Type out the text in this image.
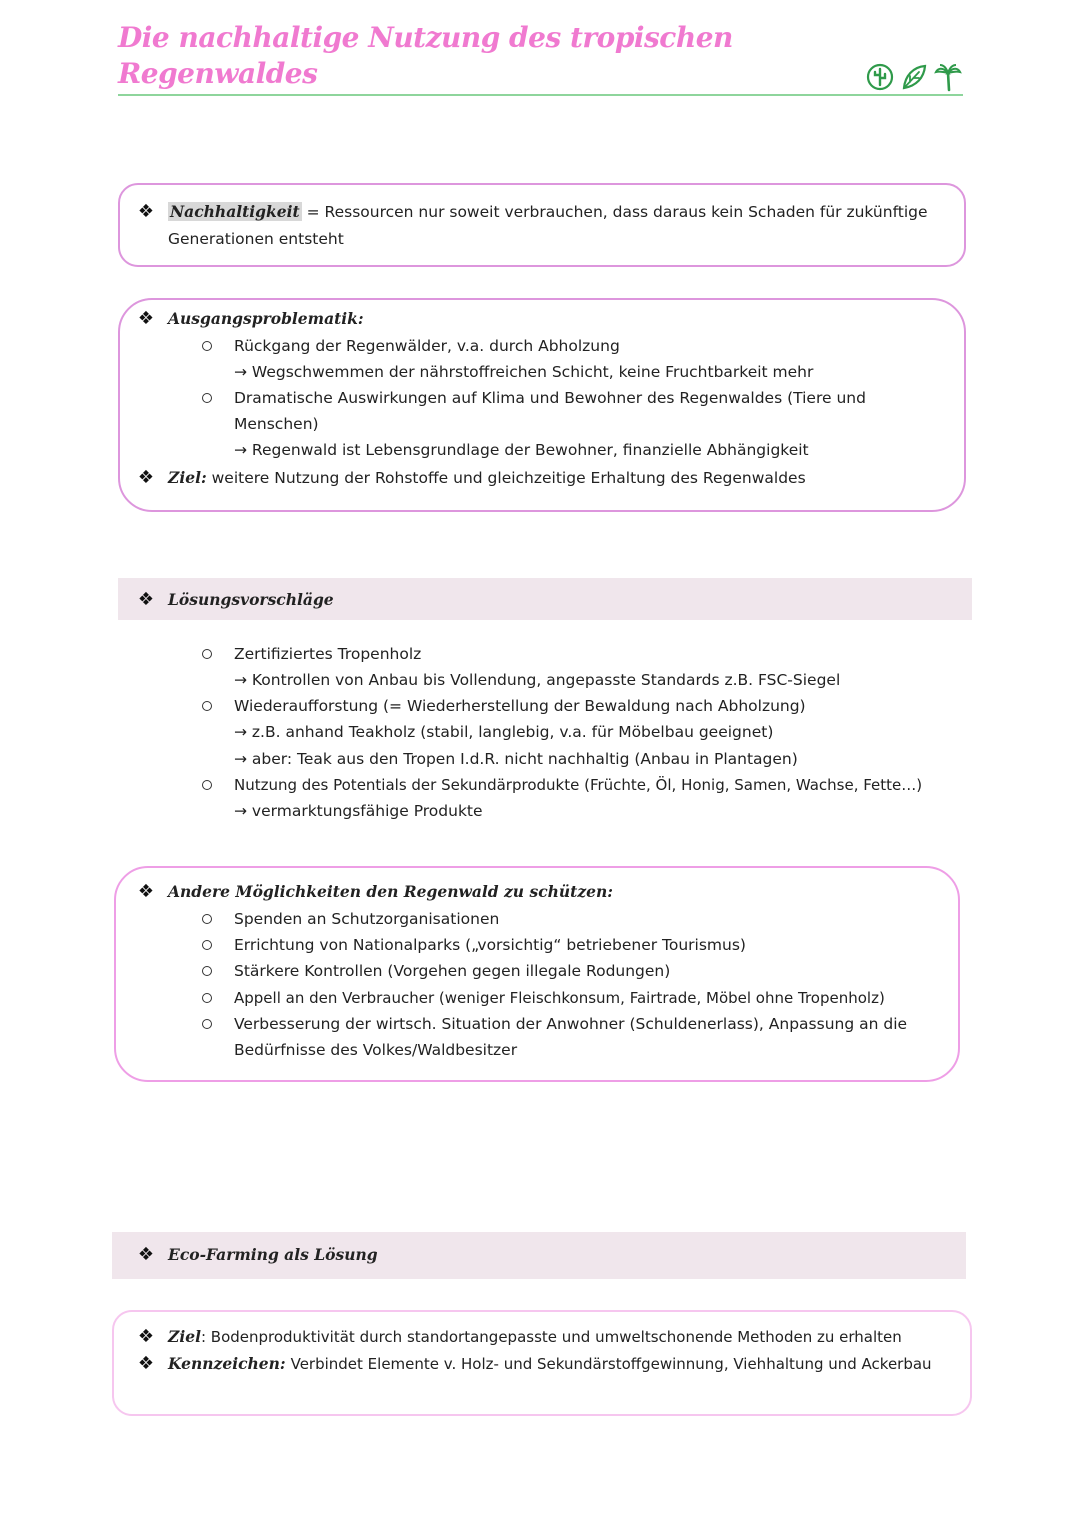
Die nachhaltige Nutzung des tropischen Regenwaldes
❖ Nachhaltigkeit = Ressourcen nur soweit verbrauchen, dass daraus kein Schaden für zukünftige
Generationen entsteht
❖ Ausgangsproblematik:
Rückgang der Regenwälder, v.a. durch Abholzung
→ Wegschwemmen der nährstoffreichen Schicht, keine Fruchtbarkeit mehr
Dramatische Auswirkungen auf Klima und Bewohner des Regenwaldes (Tiere und
Menschen)
→ Regenwald ist Lebensgrundlage der Bewohner, finanzielle Abhängigkeit
❖ Ziel: weitere Nutzung der Rohstoffe und gleichzeitige Erhaltung des Regenwaldes
❖ Lösungsvorschläge
Zertifiziertes Tropenholz
→ Kontrollen von Anbau bis Vollendung, angepasste Standards z.B. FSC-Siegel
Wiederaufforstung (= Wiederherstellung der Bewaldung nach Abholzung)
→ z.B. anhand Teakholz (stabil, langlebig, v.a. für Möbelbau geeignet)
→ aber: Teak aus den Tropen I.d.R. nicht nachhaltig (Anbau in Plantagen)
Nutzung des Potentials der Sekundärprodukte (Früchte, Öl, Honig, Samen, Wachse, Fette…)
→ vermarktungsfähige Produkte
❖ Andere Möglichkeiten den Regenwald zu schützen:
Spenden an Schutzorganisationen
Errichtung von Nationalparks („vorsichtig“ betriebener Tourismus)
Stärkere Kontrollen (Vorgehen gegen illegale Rodungen)
Appell an den Verbraucher (weniger Fleischkonsum, Fairtrade, Möbel ohne Tropenholz)
Verbesserung der wirtsch. Situation der Anwohner (Schuldenerlass), Anpassung an die
Bedürfnisse des Volkes/Waldbesitzer
❖ Eco-Farming als Lösung
❖ Ziel: Bodenproduktivität durch standortangepasste und umweltschonende Methoden zu erhalten
❖ Kennzeichen: Verbindet Elemente v. Holz- und Sekundärstoffgewinnung, Viehhaltung und Ackerbau
